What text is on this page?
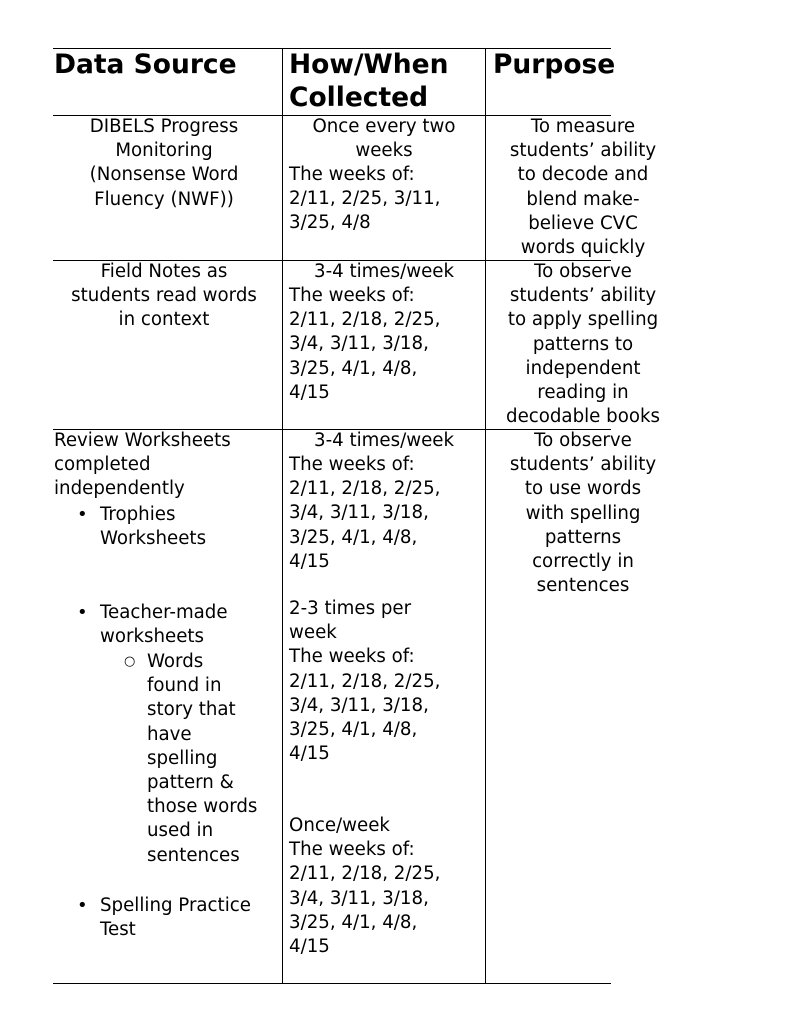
Data Source	How/When
Collected
Purpose
DIBELS Progress
Monitoring
(Nonsense Word
Fluency (NWF))
Once every two
weeks
The weeks of:
2/11, 2/25, 3/11,
3/25, 4/8
To measure
students’ ability
to decode and
blend make-
believe CVC
words quickly
Field Notes as
students read words
in context
3-4 times/week
The weeks of:
2/11, 2/18, 2/25,
3/4, 3/11, 3/18,
3/25, 4/1, 4/8,
4/15
To observe
students’ ability
to apply spelling
patterns to
independent
reading in
decodable books
Review Worksheets
completed
independently
• Trophies
Worksheets
• Teacher-made
worksheets
○ Words
found in
story that
have
spelling
pattern &
those words
used in
sentences
• Spelling Practice
Test
3-4 times/week
The weeks of:
2/11, 2/18, 2/25,
3/4, 3/11, 3/18,
3/25, 4/1, 4/8,
4/15
2-3 times per
week
The weeks of:
2/11, 2/18, 2/25,
3/4, 3/11, 3/18,
3/25, 4/1, 4/8,
4/15
Once/week
The weeks of:
2/11, 2/18, 2/25,
3/4, 3/11, 3/18,
3/25, 4/1, 4/8,
4/15
To observe
students’ ability
to use words
with spelling
patterns
correctly in
sentences
